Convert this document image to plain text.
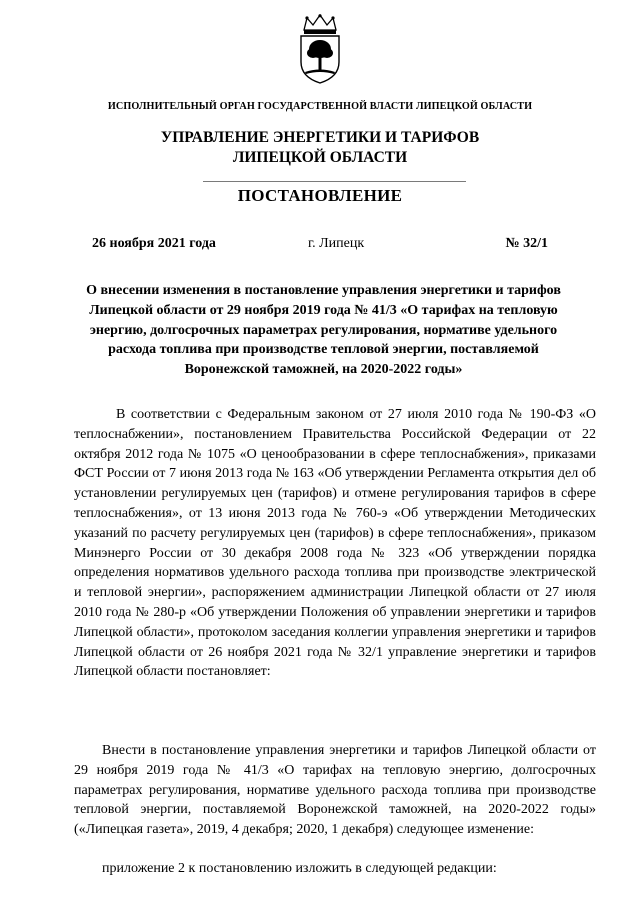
ИСПОЛНИТЕЛЬНЫЙ ОРГАН ГОСУДАРСТВЕННОЙ ВЛАСТИ ЛИПЕЦКОЙ ОБЛАСТИ
УПРАВЛЕНИЕ ЭНЕРГЕТИКИ И ТАРИФОВ
ЛИПЕЦКОЙ ОБЛАСТИ
ПОСТАНОВЛЕНИЕ
26 ноября 2021 года	г. Липецк	№ 32/1
О внесении изменения в постановление управления энергетики и тарифов Липецкой области от 29 ноября 2019 года № 41/3 «О тарифах на тепловую энергию, долгосрочных параметрах регулирования, нормативе удельного расхода топлива при производстве тепловой энергии, поставляемой Воронежской таможней, на 2020-2022 годы»
В соответствии с Федеральным законом от 27 июля 2010 года № 190-ФЗ «О теплоснабжении», постановлением Правительства Российской Федерации от 22 октября 2012 года № 1075 «О ценообразовании в сфере теплоснабжения», приказами ФСТ России от 7 июня 2013 года № 163 «Об утверждении Регламента открытия дел об установлении регулируемых цен (тарифов) и отмене регулирования тарифов в сфере теплоснабжения», от 13 июня 2013 года № 760-э «Об утверждении Методических указаний по расчету регулируемых цен (тарифов) в сфере теплоснабжения», приказом Минэнерго России от 30 декабря 2008 года № 323 «Об утверждении порядка определения нормативов удельного расхода топлива при производстве электрической и тепловой энергии», распоряжением администрации Липецкой области от 27 июля 2010 года № 280-р «Об утверждении Положения об управлении энергетики и тарифов Липецкой области», протоколом заседания коллегии управления энергетики и тарифов Липецкой области от 26 ноября 2021 года № 32/1 управление энергетики и тарифов Липецкой области постановляет:
Внести в постановление управления энергетики и тарифов Липецкой области от 29 ноября 2019 года № 41/3 «О тарифах на тепловую энергию, долгосрочных параметрах регулирования, нормативе удельного расхода топлива при производстве тепловой энергии, поставляемой Воронежской таможней, на 2020-2022 годы» («Липецкая газета», 2019, 4 декабря; 2020, 1 декабря) следующее изменение:
приложение 2 к постановлению изложить в следующей редакции:
